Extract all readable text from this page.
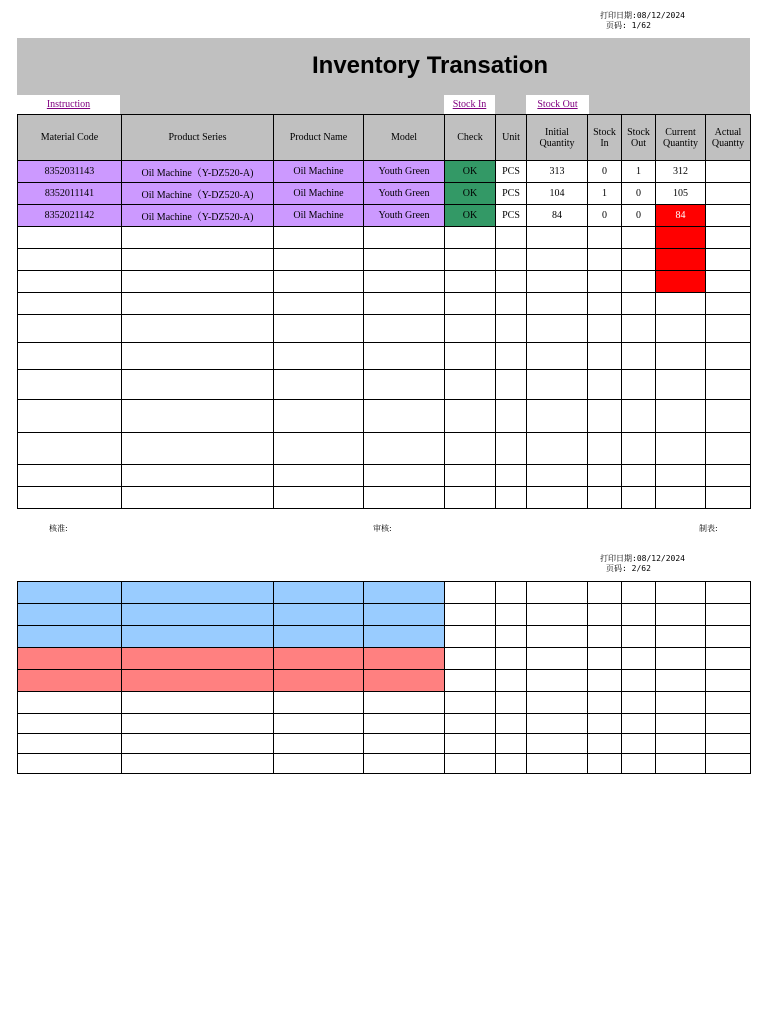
打印日期:08/12/2024
页码: 1/62
Inventory Transation
Instruction	Stock In	Stock Out
Material Code	Product Series	Product Name	Model	Check	Unit	Initial Quantity	Stock In	Stock Out	Current Quantity	Actual Quantty
8352031143	Oil Machine（Y-DZ520-A)	Oil Machine	Youth Green	OK	PCS	313	0	1	312	
8352011141	Oil Machine（Y-DZ520-A)	Oil Machine	Youth Green	OK	PCS	104	1	0	105	
8352021142	Oil Machine（Y-DZ520-A)	Oil Machine	Youth Green	OK	PCS	84	0	0	84	

核准:	审核:	制表:
打印日期:08/12/2024
页码: 2/62
